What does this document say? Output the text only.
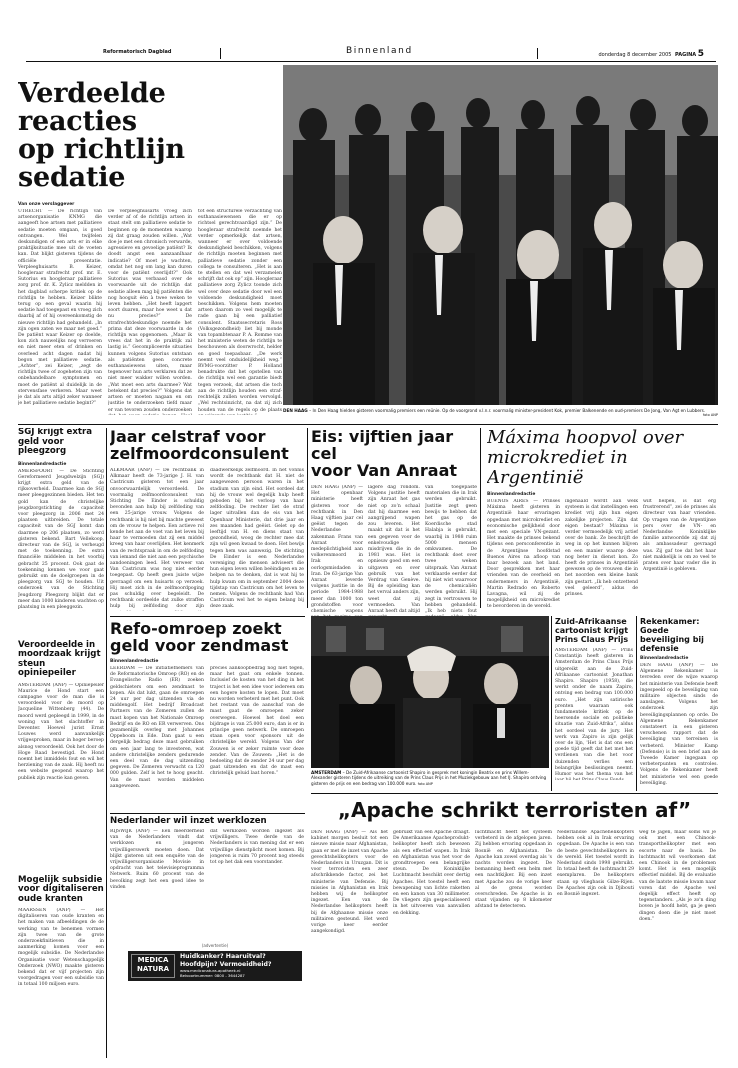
Reformatorisch Dagblad	Binnenland	donderdag 8 december 2005 PAGINA 5
Verdeelde reacties
op richtlijn sedatie
Van onze verslaggever
UTRECHT — De richtlijn van artsenorganisatie KNMG die aangeeft hoe artsen met palliatieve sedatie moeten omgaan, is goed ontvangen. Wel twijfelen deskundigen of een arts er in elke praktijksituatie mee uit de voeten kan. Dat blijkt gisteren tijdens de officiële presentatie. Verpleeghuisarts B. Keizer, hoogleraar strafrecht prof. mr. E. Sutorius en hoogleraar palliatieve zorg prof. dr. K. Zylicz meldden in het dagblad scherpe kritiek op de richtlijn te hebben. Keizer blikte terug op een geval waarin hij sedatie had toegepast en vroeg zich daarbij af of hij overeenkomstig de nieuwe richtlijn had gehandeld. „In zijn ogen zaten we maar net goed.” De patiënt waar Keizer op doelde, kon zich nauwelijks nog verroeren en niet meer eten of drinken en overleed acht dagen nadat hij begon met palliatieve sedatie. „Achter”, zei Keizer, „zegt de richtlijn twee of zogeheten zijn van onbehandelbare symptomen en moet de patiënt al duidelijk in de stervensfase verkeren. Maar weet je dat als arts altijd zeker wanneer je het palliatieve sedatie begint?”
De verpleeghuisarts vroeg zich verder af of de richtlijn artsen in staat stelt om palliatieve sedatie te beginnen op de momenten waarop zij dat graag zouden willen. „Wat doe je met een chronisch verwarde, agressieve en gevoelige patiënt? Ik doodt angst een aanzaanlhaar indicatie? Of moet je wachten, omdat het nog om lang kan duren voor de patiënt overlijdt?” Ook Sutorius was verbaasd over de voorwaarde uit de richtlijn dat sedatie alleen mag bij patiënten die nog hooguit één à twee weken te leven hebben. „Het heeft lapgert soort duaren, maar hoe weet u dat nu precies?” De strafrechtdeskundige noemde het prima dat deze voorwaarde in de richtlijn was opgenomen. „Maar ik vrees dat het in de praktijk zal lastig is.” Gecompliceerde situaties kunnen volgens Sutorius ontstaan als patiënten geen concrete euthanasiewens uiten, maar tegenover hun arts verklaren dat ze niet meer wakker willen worden. „Wat moet een arts daarmee? Wat betekent dat precies?” Volgens dat artsen er moeten nagaan en om justitie te onderzoeken tiefd maar er van tevoren zouden onderzoeken
tot een structurele verzachting van euthanasiewensen die er op richtsel gerechtvaardigd zijn.” De hoogleraar strafrecht noemde het verder opmerkelijk dat artsen, wanneer er over voldoende deskundigheid beschikken, volgens de richtlijn moeten beginnen met palliatieve sedatie zonder een collega te consulteren. „Het is aan te stellen en dat wel verzamelen schrijft dat ook op” zijn. Hoogleraar palliatieve zorg Zylicz toonde zich wel over deze sedatie door wel een voldoende deskundigheid moet beschikken. Volgens hem moeten artsen daarom zo veel mogelijk te rade gaan bij een palliatief consulent. Staatssecretaris Ross (Volksgezondheid) liet bij monde van topambtenaar P. A. Romme van het ministerie weten de richtlijn te beschouwen als doorwrocht, helder en goed toepasbaar. „De werk neemt veel onduidelijkheid weg.” RVMG-voorzitter P. Holland benadrukte dat het opstellen van de richtlijn wel een garantie biedt tegen verzoek, dat artsen die toch aan de richtlijn houden een straf-rechtelijk zullen worden vervolgd. „Wel rechtsinzicht, na dat zij zich houden van de regels op de plaats DEN HAAG – In Den Haag hielden gisteren voormalig premiers een reünie. Op de voorgrond v.l.n.r. voormalig minister-president Kok, premier Balkenende en oud-premiers De Jong, Van Agt en Lubbers.
foto ANP
SGJ krijgt extra geld voor pleegzorg
Binnenlandredactie
AMERSFOORT — De Stichting Gereformeerd Jeugdwelzijn (SGJ) krijgt extra geld van de rijksoverheid. Daarmee kan de SGJ meer pleeggezinnen bieden. Het ten gold kan de christelijke jeugdzorgstichting de capaciteit voor pleegzorg in 2006 met 24 plaatsen uitbreiden. De totale capaciteit van de SGJ komt dan daarmee op 206 plaatsen, zo werd gisteren bekend. Bart Vellekoop, directeur van de SGJ, is verheugd met de toekenning. De extra financiële middelen in het voorbij gebracht 25 procent. Ook gaat de toekenning kennen we voor gaat gebruikt om de doelgroepen in de pleegzorg van SGJ te houden. Uit onderzoek van de Stichting Jeugdzorg Pleegzorg blijkt dat er meer dan 1000 kinderen wachten op plaatsing in een pleeggezin.
Veroordeelde in moordzaak krijgt steun opiniepeiler
AMSTERDAM (ANP) — Opiniepeiler Maurice de Hond start een campagne voor de man die is veroordeeld voor de moord op Jacqueline Wittenberg (44). De moord werd gepleegd in 1999, in de woning van het slachtoffer in Deventer. Hoewel jurist Ernst Louwes werd aanvankelijk vrijgesproken, maar in hoger beroep alsnog veroordeeld. Ook het door de Hoge Raad bevestigd. De Hond noemt het inmiddels fout en wil het herziening van de zaak. Hij heeft nu een website geopend waarop het publiek zijn reactie kan geven.
Mogelijk subsidie voor digitaliseren oude kranten
MAARSSEN (ANP) — Het digitaliseren van oude kranten en het maken van afbeeldingen de de werking van te benemen vormen zijn twee van de grote onderzoekfinitieven die in aanmerking komen voor een mogelijk subsidie. De Nederlandse Organisatie voor Wetenschappelijk Onderzoek (NWO) maakte gisteren bekend dat er vijf projecten zijn voorgedragen voor een subsidie van in totaal 100 miljoen euro.
Jaar celstraf voor
zelfmoordconsulent
ALKMAAR (ANP) — De rechtbank in Alkmaar heeft de 73-jarige J. H. van Castricum gisteren tot een jaar onvoorwaardelijk veroordeeld. De voormalig zelfmoordconsulent van Stichting De Einder is schuldig bevonden aan hulp bij zelfdoding van een 25-jarige vrouw. Volgens de rechtbank is hij niet bij machte geweest om de vrouw te helpen. Een actieve rol kende het aan de voet van het leven bij haar te vermoeden dat zij een middel kreeg van haar overlijden. Het kenmerk van de rechtspraak in om de zelfdoding van iemand die niet aan een psychische aandoeningen leed. Het verweer van Van Castricum was nog niet eerder toegepast. Op heeft geen juiste wijze gevraagd om een huisarts op verzoek. Hij moet zich in de zelfmoordpoging pas schuldig over begeleidt. De rechtbank oordeelde dat zulke straffen hulp bij zelfdoding door zijn
daadwerkelijk zelfmoord. In het vonnis wordt de rechtbank dat H. niet de aangewezen persoon waren in het stadium van zijn eind. Het oordeel dat hij de vrouw wel degelijk hulp heeft geboden bij het verloop van haar zelfdoding. De rechter liet de straf lager uitvallen dan de eis van het Openbaar Ministerie, dat drie jaar en zes maanden had geëist. Gelet op de leeftijd van H. en diens staat van gezondheid, woog de rechter mee dat zijn wil geen kwaad te doen. Het bewijs tegen hem was aanwezig. De stichting De Einder is een Nederlandse vereniging die mensen adviseert die hun eigen leven willen beëindigen en ze helpen na te denken, dat is wat hij te hulp kwam om in september 2004 deze tijdstap van Castricum om het leven te nemen. Volgens de rechtbank had Van Castricum wel het te eigen belang bij deze zaak.
Refo-omroep zoekt
geld voor zendmast
Binnenlandredactie
LEERDAM — De initiatiefnemers van de Reformatorische Omroep (RO) en de Evangelische Radio (ER) zoeken geldschieters om een zendmast te kopen. Als dat lukt, gaan de omroepen 24 uur per dag uitzenden via de middengolf. Het bedrijf Broadcast Partners van de Zomeren zullen de mast kopen van het Nationale Omroep Bedrijf en de RO en ER verwerven. Ons gezamenlijk overleg met Johannes Oppeboom in Ede. Dan gaat u een dergelijk bedrag deze mast gebruiken om een jaar lang te investeren, wat andere christelijke zenders gedurende een deel van de dag uitzending gegeven. De Zomeren verwacht ca 120 000 gulden. Zelf is het te hoog geacht. Van de mast worden middelen aangewezen.
precies aankoopbedrag nog niet tegen, maar het gaat om enkele tonnen. Inclusief de kosten van het ding in het traject is het een idee voor iedereen om een hogere kosten te lopen. Dat moet nu worden verbeterd met het punt. Ook het restant van de aanschaf van de mast gaat de omroepen zeker overwegen. Hoewel het doel een bijdrage is van 25.000 euro, dan is er in principe geen netwerk. De omroepen staan open voor sponsors uit de christelijke wereld. Volgens Van der Zouwen is er zeker ruimte voor deze zender. Van de Zouwen: „Het is de bedoeling dat de zender 24 uur per dag gaat uitzenden en dat de mast een christelijk geluid laat horen.”
Nederlander wil inzet werklozen
RIJSWIJK (ANP) — Een meerderheid van de Nederlanders vindt dat werklozen en jongeren vrijwilligerswerk moeten doen. Dat blijkt gisteren uit een enquête van de vrijwilligersorganisatie Movisie in opdracht van het televisieprogramma Netwerk. Ruim 60 procent van de bevolking zegt het een goed idee te vinden
dat werklozen worden ingezet als vrijwilligers. Twee derde van de Nederlanders is van mening dat er een vrijwillige dienstplicht moet komen. Bij jongeren is ruim 70 procent nog steeds tot op het dak een voorstander.
(advertentie)
MEDICA
NATURA
Huidkanker? Haaruitval?
Hoofdpijn? Vermoeidheid?
www.medicanatura-apotheek.nl
Belvoortnummer: 0800 - 3644287
Eis: vijftien jaar cel
voor Van Anraat
DEN HAAG (ANP) — Het openbaar ministerie heeft gisteren voor de rechtbank in Den Haag vijftien jaar cel geëist tegen de Nederlandse zakenman Frans van Anraat voor medeplichtigheid aan volkerenmoord in Irak en oorlogsmisdaden in Iran. De 63-jarige Van Anraat leverde volgens justitie in de periode 1984-1988 meer dan 1000 ton grondstoffen voor chemische wapens
lagere dag rondom. Volgens justitie heeft zijn Anraat het gas niet op zo’n schaal dat hij daarmee een aangrijpend wapen zou leveren. Het maakt uit dat is het een gegeven voor de enkelvoudige misdrijven die in de 1981 was. Het is opnieuw goed om een uitgaven en over gebruik van het Verdrag van Genève. Bij de opleiding kan het verval anders zijn, weet dat zij vermoeden. Van Anraat heeft dat altijd
van toegepaste materialen die in Irak werden gebruikt. Justitie zegt geen bewijs te hebben dat het gas op de Koerdische stad Halabja is gebruikt, waarbij in 1988 ruim 5000 mensen omkwamen. De rechtbank doet over twee weken uitspraak. Van Anraat verklaarde eerder dat hij niet wist waarvoor de chemicaliën werden gebruikt. Hij zegt in vertrouwen te hebben gehandeld. „Ik heb niets fout
Máxima hoopvol over
microkrediet in Argentinië
Binnenlandredactie
BUENOS AIRES — Prinses Máxima heeft gisteren in Argentinië haar ervaringen opgedaan met microkrediet en economische gelijkheid door met een speciale VN-gezant. Het maakte de prinses bekend tijdens een persconferentie in de Argentijnse hoofdstad Buenos Aires na afloop van haar bezoek aan het land. Door gesprekken met haar vrienden van de overheid en ondernemers in Argentinië, Martin Redrado en Roberto Lavagna, wil zij de mogelijkheid om microkrediet te bevorderen in de wereld.
ingehaald wordt aan welk systeem is dat instellingen een krediet vrij zijn hun eigen zakelijke projecten. Zijn dat eigen bestaat? Máxima is verder vermoedelijk vrij actief over de bank. Ze beschrijft de weg in op het kunnen blijven en een manier waarop deze nog beter in dienst kon. Zo heeft de prinses in Argentinië gewezen op de vrouwen die in het noorden een kleine bank zijn gestart. „Ik heb ontzettend veel geleerd”, aldus de prinses.
wilt helpen, is dat erg frustrerend”, zei de prinses als directeur van haar vrienden. Op vragen van de Argentijnse pers over de VN- en Nederlandse Koninklijke familie antwoordde zij dat zij als ambassadeur gevraagd was. Zij gaf toe dat het haar niet makkelijk is om zo veel te praten over haar vader die in Argentinië is gebleven.
AMSTERDAM – De Zuid-Afrikaanse cartoonist Shapiro in gesprek met koningin Beatrix en prins Willem-Alexander gisteren tijdens de uitreiking van de Prins Claus Prijs in het Muziekgebouw aan het IJ. Shapiro ontving gisteren de prijs en een bedrag van 100.000 euro. foto ANP
Zuid-Afrikaanse cartoonist krijgt Prins Claus Prijs
AMSTERDAM (ANP) — Prins Constantijn heeft gisteren in Amsterdam de Prins Claus Prijs uitgereikt aan de Zuid-Afrikaanse cartoonist Jonathan Shapiro. Shapiro (1958), die werkt onder de naam Zapiro, ontving een bedrag van 100.000 euro. „Het zijn satirische prenten waaraan ook fundamentele kritiek op de heersende sociale en politieke situatie van Zuid-Afrika”, aldus het oordeel van de jury. Het werk van Zapiro is zijn gelijk over de lijn, 'Het is dat ons een goede tijd geeft dat het met het verdienen van die het voor duizenden verlies een belangrijke beslissingen neemt. Humor was het thema van het
Rekenkamer: Goede beveiliging bij defensie
Binnenlandredactie
DEN HAAG (ANP) — De Algemene Rekenkamer is tevreden over de wijze waarop het ministerie van Defensie heeft ingespeeld op de beveiliging van militaire objecten sinds de aanslagen. Volgens het onderzoek zijn beveiligingsplannen op orde. De Algemene Rekenkamer constateert in een gisteren verschenen rapport dat de beveiliging van terreinen is verbeterd. Minister Kamp (Defensie) is in een brief aan de Tweede Kamer ingegaan op verbeterpunten en controles. Volgens de Rekenkamer heeft het ministerie wel een goede beveiliging.
„Apache schrikt terroristen af”
DEN HAAG (ANP) — Als het kabinet morgen besluit tot een nieuwe missie naar Afghanistan, gaan er met de inzet van Apache gevechtshelikopters voor de Nederlanders in Uruzgan. Dit is voor terroristen een zeer afschrikkende factor, zei het ministerie van Defensie. Bij missies in Afghanistan en Irak hebben wij de helikopter ingezet. Een van de Nederlandse helikopters heeft bij de Afghaanse missie onze militairen gesteund. Het werd vorige keer eerder aangekondigd.
gebruikt van een Apache draagt. De Amerikaanse Apacheprodukt-helikopter heeft zich bewezen als een effectief wapen. In Irak en Afghanistan was het voor de grondtroepen een belangrijke steun. De Koninklijke Luchtmacht beschikt over dertig Apaches. Het toestel heeft een bewapening van lichte raketten en een kanon van 30 millimeter. De vliegers zijn gespecialiseerd in het uitvoeren van aanvallen en dekking.
luchtmacht heeft het systeem verbeterd in de afgelopen jaren. Zij hebben ervaring opgedaan in Bosnië en Afghanistan. De Apache kan zowel overdag als 's nachts worden ingezet. De bemanning heeft een helm met een nachtkijker. Bij een inzet met Apache zou de vorige keer al de grens worden overschreden. De Apache is in staat vijanden op 8 kilometer afstand te detecteren.
Nederlandse Apachehelikopters hebben ook al in Irak ervaring opgedaan. De Apache is een van de beste gevechtshelikopters in de wereld. Het toestel wordt in Nederland sinds 1998 gebruikt. In totaal heeft de luchtmacht 29 exemplaren. De helikopters staan op vliegbasis Gilze-Rijen. De Apaches zijn ook in Djibouti en Bosnië ingezet.
weg te jagen, maar soms wil je ook met een Chinook-transporthelikopter met een escorte naar de basis. De luchtmacht wil voorkomen dat een Chinook in de problemen komt. Het is een mogelijk effectief middel. Bij de evaluatie van de laatste missie kwam naar voren dat de Apache wel degelijk effect heeft op tegenstanders. „Als je zo'n ding boven je hoofd hebt, ga je geen dingen doen die je niet moet doen.”
